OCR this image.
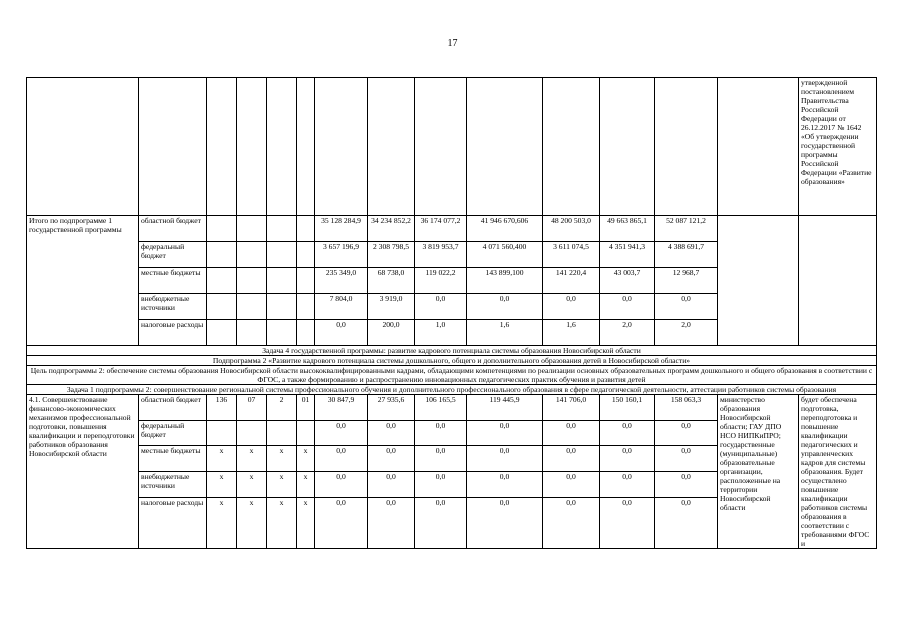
17
														утвержденной постановлением Правительства Российской Федерации от 26.12.2017 № 1642 «Об утверждении государственной программы Российской Федерации «Развитие образования»
Итого по подпрограмме 1 государственной программы	областной бюджет					35 128 284,9	34 234 852,2	36 174 077,2	41 946 670,606	48 200 503,0	49 663 865,1	52 087 121,2		
	федеральный бюджет					3 657 196,9	2 308 798,5	3 819 953,7	4 071 560,400	3 611 074,5	4 351 941,3	4 388 691,7		
	местные бюджеты					235 349,0	68 738,0	119 022,2	143 899,100	141 220,4	43 003,7	12 968,7		
	внебюджетные источники					7 804,0	3 919,0	0,0	0,0	0,0	0,0	0,0		
	налоговые расходы					0,0	200,0	1,0	1,6	1,6	2,0	2,0		
Задача 4 государственной программы: развитие кадрового потенциала системы образования Новосибирской области														
Подпрограмма 2 «Развитие кадрового потенциала системы дошкольного, общего и дополнительного образования детей в Новосибирской области»														
Цель подпрограммы 2: обеспечение системы образования Новосибирской области высококвалифицированными кадрами, обладающими компетенциями по реализации основных образовательных программ дошкольного и общего образования в соответствии с ФГОС, а также формированию и распространению инновационных педагогических практик обучения и развития детей														
Задача 1 подпрограммы 2: совершенствование региональной системы профессионального обучения и дополнительного профессионального образования в сфере педагогической деятельности, аттестации работников системы образования														
4.1. Совершенствование финансово-экономических механизмов профессиональной подготовки, повышения квалификации и переподготовки работников образования Новосибирской области	областной бюджет	136	07	2	01	30 847,9	27 935,6	106 165,5	119 445,9	141 706,0	150 160,1	158 063,3	министерство образования Новосибирской области; ГАУ ДПО НСО НИПКиПРО; государственные (муниципальные) образовательные организации, расположенные на территории Новосибирской области	будет обеспечена подготовка, переподготовка и повышение квалификации педагогических и управленческих кадров для системы образования. Будет осуществлено повышение квалификации работников системы образования в соответствии с требованиями ФГОС и
	федеральный бюджет					0,0	0,0	0,0	0,0	0,0	0,0	0,0		
	местные бюджеты	x	x	x	x	0,0	0,0	0,0	0,0	0,0	0,0	0,0		
	внебюджетные источники	x	x	x	x	0,0	0,0	0,0	0,0	0,0	0,0	0,0		
	налоговые расходы	x	x	x	x	0,0	0,0	0,0	0,0	0,0	0,0	0,0		
